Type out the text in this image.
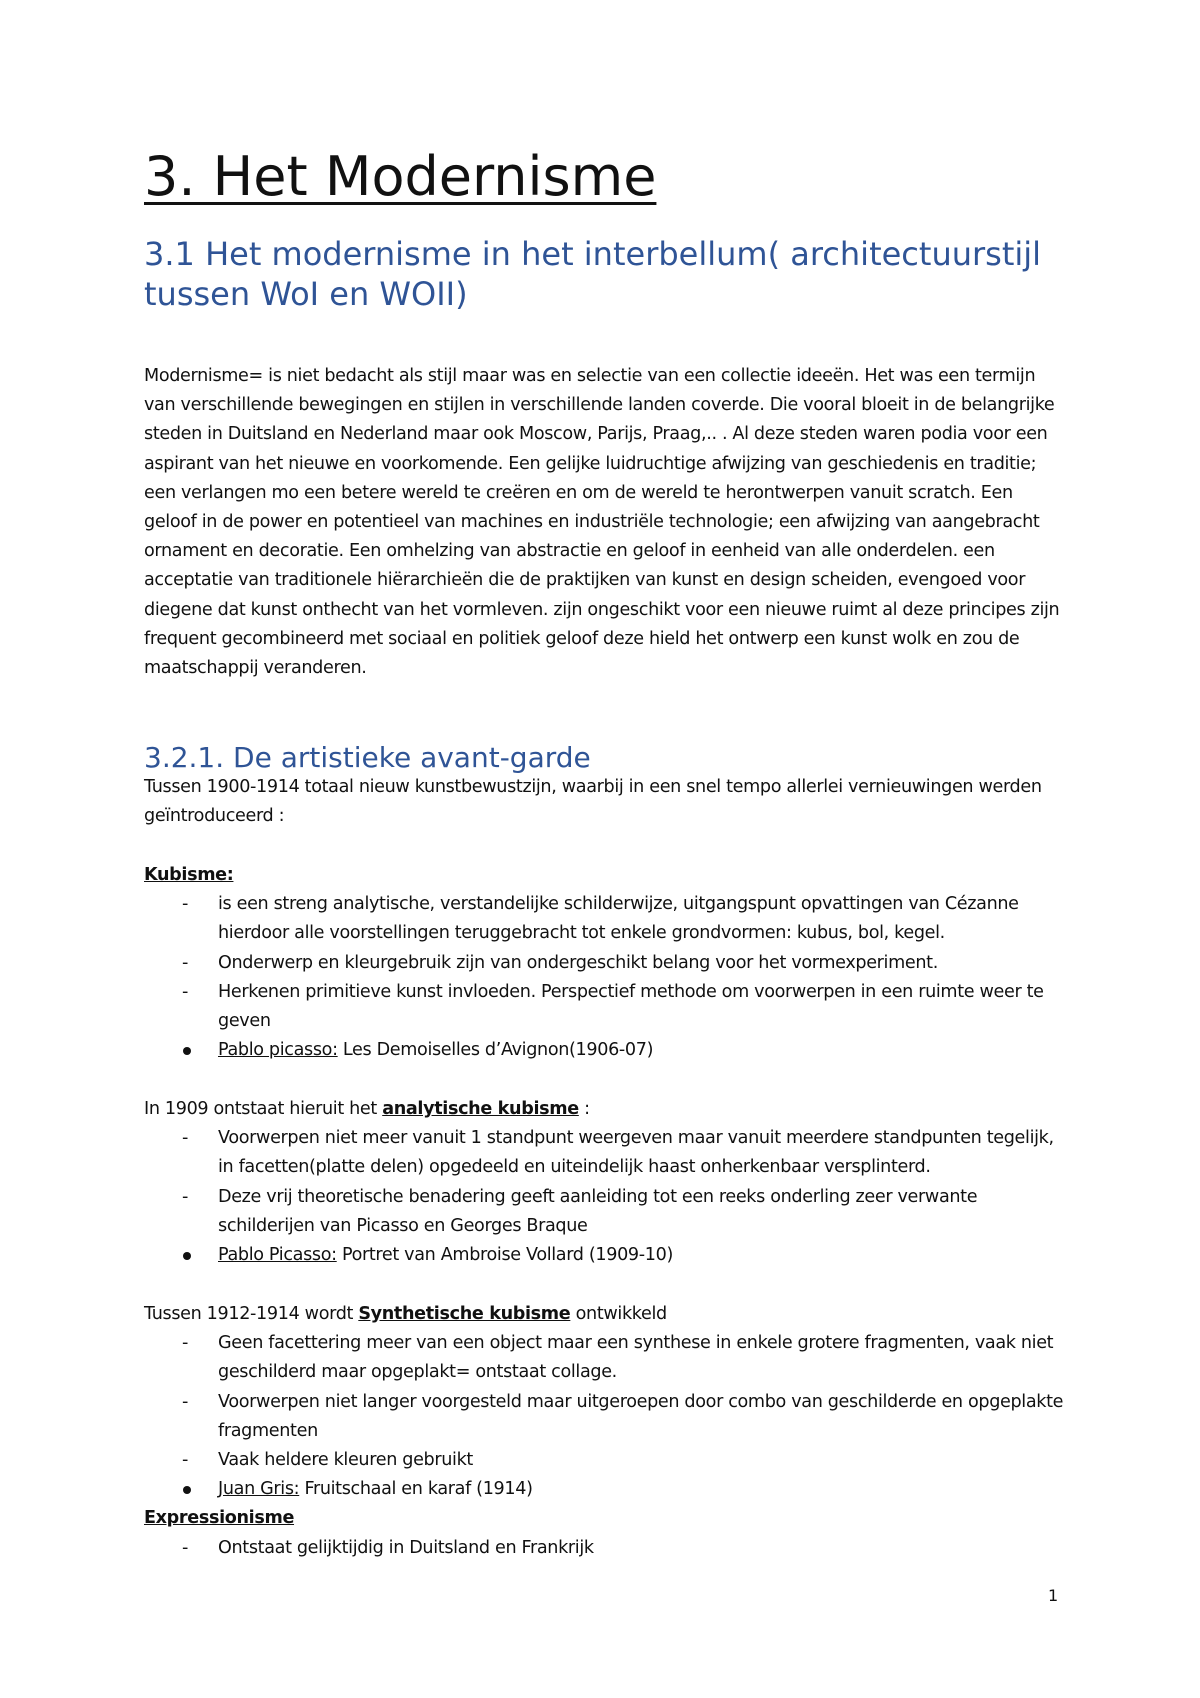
3. Het Modernisme
3.1 Het modernisme in het interbellum( architectuurstijl tussen WoI en WOII)

Modernisme= is niet bedacht als stijl maar was en selectie van een collectie ideeën. Het was een termijn van verschillende bewegingen en stijlen in verschillende landen coverde. Die vooral bloeit in de belangrijke steden in Duitsland en Nederland maar ook Moscow, Parijs, Praag,.. . Al deze steden waren podia voor een aspirant van het nieuwe en voorkomende. Een gelijke luidruchtige afwijzing van geschiedenis en traditie; een verlangen mo een betere wereld te creëren en om de wereld te herontwerpen vanuit scratch. Een geloof in de power en potentieel van machines en industriële technologie; een afwijzing van aangebracht ornament en decoratie. Een omhelzing van abstractie en geloof in eenheid van alle onderdelen. een acceptatie van traditionele hiërarchieën die de praktijken van kunst en design scheiden, evengoed voor diegene dat kunst onthecht van het vormleven. zijn ongeschikt voor een nieuwe ruimt al deze principes zijn frequent gecombineerd met sociaal en politiek geloof deze hield het ontwerp een kunst wolk en zou de maatschappij veranderen.

3.2.1. De artistieke avant-garde

Tussen 1900-1914 totaal nieuw kunstbewustzijn, waarbij in een snel tempo allerlei vernieuwingen werden geïntroduceerd :

Kubisme:

- is een streng analytische, verstandelijke schilderwijze, uitgangspunt opvattingen van Cézanne hierdoor alle voorstellingen teruggebracht tot enkele grondvormen: kubus, bol, kegel.
- Onderwerp en kleurgebruik zijn van ondergeschikt belang voor het vormexperiment.
- Herkenen primitieve kunst invloeden. Perspectief methode om voorwerpen in een ruimte weer te geven
Pablo picasso: Les Demoiselles d’Avignon(1906-07)

In 1909 ontstaat hieruit het analytische kubisme :

- Voorwerpen niet meer vanuit 1 standpunt weergeven maar vanuit meerdere standpunten tegelijk, in facetten(platte delen) opgedeeld en uiteindelijk haast onherkenbaar versplinterd.
- Deze vrij theoretische benadering geeft aanleiding tot een reeks onderling zeer verwante schilderijen van Picasso en Georges Braque
Pablo Picasso: Portret van Ambroise Vollard (1909-10)

Tussen 1912-1914 wordt Synthetische kubisme ontwikkeld

- Geen facettering meer van een object maar een synthese in enkele grotere fragmenten, vaak niet geschilderd maar opgeplakt= ontstaat collage.
- Voorwerpen niet langer voorgesteld maar uitgeroepen door combo van geschilderde en opgeplakte fragmenten
- Vaak heldere kleuren gebruikt
Juan Gris: Fruitschaal en karaf (1914)

Expressionisme

- Ontstaat gelijktijdig in Duitsland en Frankrijk
1
